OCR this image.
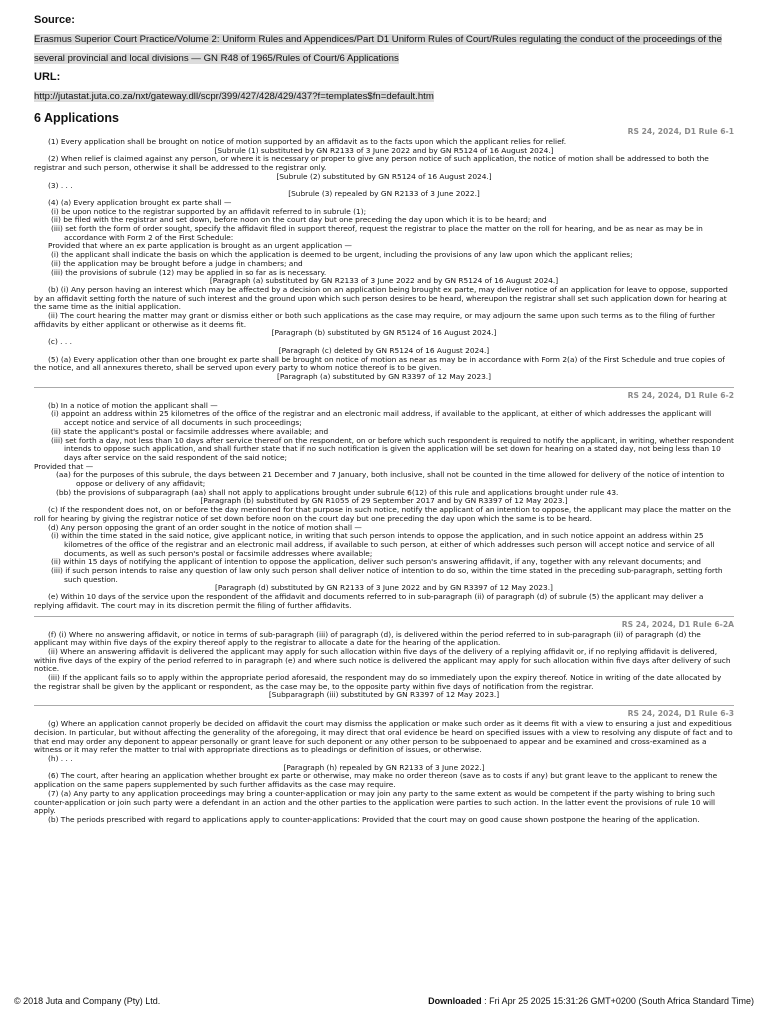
Source:

Erasmus Superior Court Practice/Volume 2: Uniform Rules and Appendices/Part D1 Uniform Rules of Court/Rules regulating the conduct of the proceedings of the several provincial and local divisions — GN R48 of 1965/Rules of Court/6 Applications

URL:

http://jutastat.juta.co.za/nxt/gateway.dll/scpr/399/427/428/429/437?f=templates$fn=default.htm
6 Applications
RS 24, 2024, D1 Rule 6-1

(1) Every application shall be brought on notice of motion supported by an affidavit as to the facts upon which the applicant relies for relief.

[Subrule (1) substituted by GN R2133 of 3 June 2022 and by GN R5124 of 16 August 2024.]

(2) When relief is claimed against any person, or where it is necessary or proper to give any person notice of such application, the notice of motion shall be addressed to both the registrar and such person, otherwise it shall be addressed to the registrar only.

[Subrule (2) substituted by GN R5124 of 16 August 2024.]

(3) . . .

[Subrule (3) repealed by GN R2133 of 3 June 2022.]

(4) (a) Every application brought ex parte shall —

(i) be upon notice to the registrar supported by an affidavit referred to in subrule (1);

(ii) be filed with the registrar and set down, before noon on the court day but one preceding the day upon which it is to be heard; and

(iii) set forth the form of order sought, specify the affidavit filed in support thereof, request the registrar to place the matter on the roll for hearing, and be as near as may be in accordance with Form 2 of the First Schedule:

Provided that where an ex parte application is brought as an urgent application —

(i) the applicant shall indicate the basis on which the application is deemed to be urgent, including the provisions of any law upon which the applicant relies;

(ii) the application may be brought before a judge in chambers; and

(iii) the provisions of subrule (12) may be applied in so far as is necessary.

[Paragraph (a) substituted by GN R2133 of 3 June 2022 and by GN R5124 of 16 August 2024.]

(b) (i) Any person having an interest which may be affected by a decision on an application being brought ex parte, may deliver notice of an application for leave to oppose, supported by an affidavit setting forth the nature of such interest and the ground upon which such person desires to be heard, whereupon the registrar shall set such application down for hearing at the same time as the initial application.

(ii) The court hearing the matter may grant or dismiss either or both such applications as the case may require, or may adjourn the same upon such terms as to the filing of further affidavits by either applicant or otherwise as it deems fit.

[Paragraph (b) substituted by GN R5124 of 16 August 2024.]

(c) . . .

[Paragraph (c) deleted by GN R5124 of 16 August 2024.]

(5) (a) Every application other than one brought ex parte shall be brought on notice of motion as near as may be in accordance with Form 2(a) of the First Schedule and true copies of the notice, and all annexures thereto, shall be served upon every party to whom notice thereof is to be given.

[Paragraph (a) substituted by GN R3397 of 12 May 2023.]

RS 24, 2024, D1 Rule 6-2

(b) In a notice of motion the applicant shall —

(i) appoint an address within 25 kilometres of the office of the registrar and an electronic mail address, if available to the applicant, at either of which addresses the applicant will accept notice and service of all documents in such proceedings;

(ii) state the applicant's postal or facsimile addresses where available; and

(iii) set forth a day, not less than 10 days after service thereof on the respondent, on or before which such respondent is required to notify the applicant, in writing, whether respondent intends to oppose such application, and shall further state that if no such notification is given the application will be set down for hearing on a stated day, not being less than 10 days after service on the said respondent of the said notice;

Provided that —

(aa) for the purposes of this subrule, the days between 21 December and 7 January, both inclusive, shall not be counted in the time allowed for delivery of the notice of intention to oppose or delivery of any affidavit;

(bb) the provisions of subparagraph (aa) shall not apply to applications brought under subrule 6(12) of this rule and applications brought under rule 43.

[Paragraph (b) substituted by GN R1055 of 29 September 2017 and by GN R3397 of 12 May 2023.]

(c) If the respondent does not, on or before the day mentioned for that purpose in such notice, notify the applicant of an intention to oppose, the applicant may place the matter on the roll for hearing by giving the registrar notice of set down before noon on the court day but one preceding the day upon which the same is to be heard.

(d) Any person opposing the grant of an order sought in the notice of motion shall —

(i) within the time stated in the said notice, give applicant notice, in writing that such person intends to oppose the application, and in such notice appoint an address within 25 kilometres of the office of the registrar and an electronic mail address, if available to such person, at either of which addresses such person will accept notice and service of all documents, as well as such person's postal or facsimile addresses where available;

(ii) within 15 days of notifying the applicant of intention to oppose the application, deliver such person's answering affidavit, if any, together with any relevant documents; and

(iii) if such person intends to raise any question of law only such person shall deliver notice of intention to do so, within the time stated in the preceding sub-paragraph, setting forth such question.

[Paragraph (d) substituted by GN R2133 of 3 June 2022 and by GN R3397 of 12 May 2023.]

(e) Within 10 days of the service upon the respondent of the affidavit and documents referred to in sub-paragraph (ii) of paragraph (d) of subrule (5) the applicant may deliver a replying affidavit. The court may in its discretion permit the filing of further affidavits.

RS 24, 2024, D1 Rule 6-2A

(f) (i) Where no answering affidavit, or notice in terms of sub-paragraph (iii) of paragraph (d), is delivered within the period referred to in sub-paragraph (ii) of paragraph (d) the applicant may within five days of the expiry thereof apply to the registrar to allocate a date for the hearing of the application.

(ii) Where an answering affidavit is delivered the applicant may apply for such allocation within five days of the delivery of a replying affidavit or, if no replying affidavit is delivered, within five days of the expiry of the period referred to in paragraph (e) and where such notice is delivered the applicant may apply for such allocation within five days after delivery of such notice.

(iii) If the applicant fails so to apply within the appropriate period aforesaid, the respondent may do so immediately upon the expiry thereof. Notice in writing of the date allocated by the registrar shall be given by the applicant or respondent, as the case may be, to the opposite party within five days of notification from the registrar.

[Subparagraph (iii) substituted by GN R3397 of 12 May 2023.]

RS 24, 2024, D1 Rule 6-3

(g) Where an application cannot properly be decided on affidavit the court may dismiss the application or make such order as it deems fit with a view to ensuring a just and expeditious decision. In particular, but without affecting the generality of the aforegoing, it may direct that oral evidence be heard on specified issues with a view to resolving any dispute of fact and to that end may order any deponent to appear personally or grant leave for such deponent or any other person to be subpoenaed to appear and be examined and cross-examined as a witness or it may refer the matter to trial with appropriate directions as to pleadings or definition of issues, or otherwise.

(h) . . .

[Paragraph (h) repealed by GN R2133 of 3 June 2022.]

(6) The court, after hearing an application whether brought ex parte or otherwise, may make no order thereon (save as to costs if any) but grant leave to the applicant to renew the application on the same papers supplemented by such further affidavits as the case may require.

(7) (a) Any party to any application proceedings may bring a counter-application or may join any party to the same extent as would be competent if the party wishing to bring such counter-application or join such party were a defendant in an action and the other parties to the application were parties to such action. In the latter event the provisions of rule 10 will apply.

(b) The periods prescribed with regard to applications apply to counter-applications: Provided that the court may on good cause shown postpone the hearing of the application.

© 2018 Juta and Company (Pty) Ltd.	Downloaded : Fri Apr 25 2025 15:31:26 GMT+0200 (South Africa Standard Time)
